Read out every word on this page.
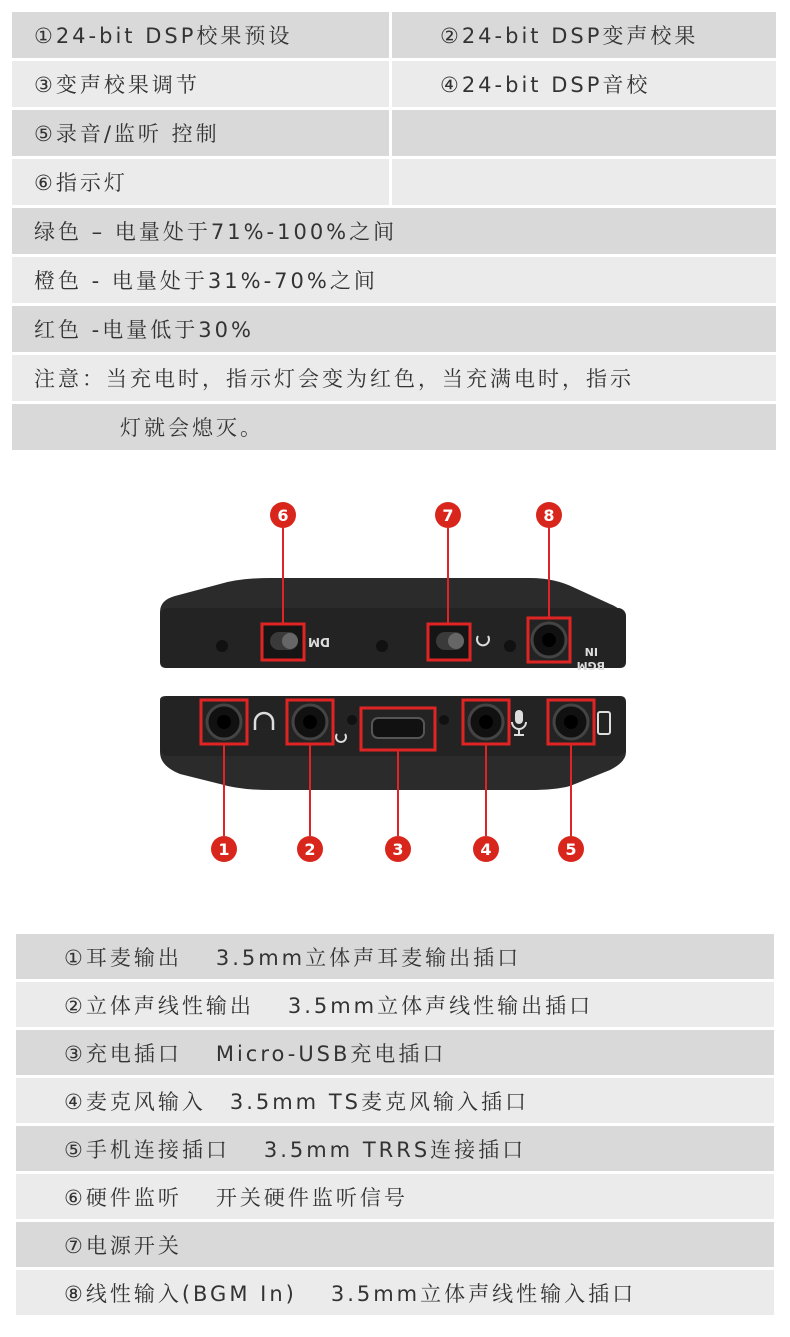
①24-bit DSP校果预设	②24-bit DSP变声校果
③变声校果调节	④24-bit DSP音校
⑤录音/监听 控制
⑥指示灯
绿色 – 电量处于71%-100%之间
橙色 - 电量处于31%-70%之间
红色 -电量低于30%
注意：当充电时，指示灯会变为红色，当充满电时，指示
灯就会熄灭。
DM
BGM
IN
6	7	8
1	2	3	4	5
①耳麦输出 3.5mm立体声耳麦输出插口
②立体声线性输出 3.5mm立体声线性输出插口
③充电插口 Micro-USB充电插口
④麦克风输入 3.5mm TS麦克风输入插口
⑤手机连接插口 3.5mm TRRS连接插口
⑥硬件监听 开关硬件监听信号
⑦电源开关
⑧线性输入(BGM In) 3.5mm立体声线性输入插口
